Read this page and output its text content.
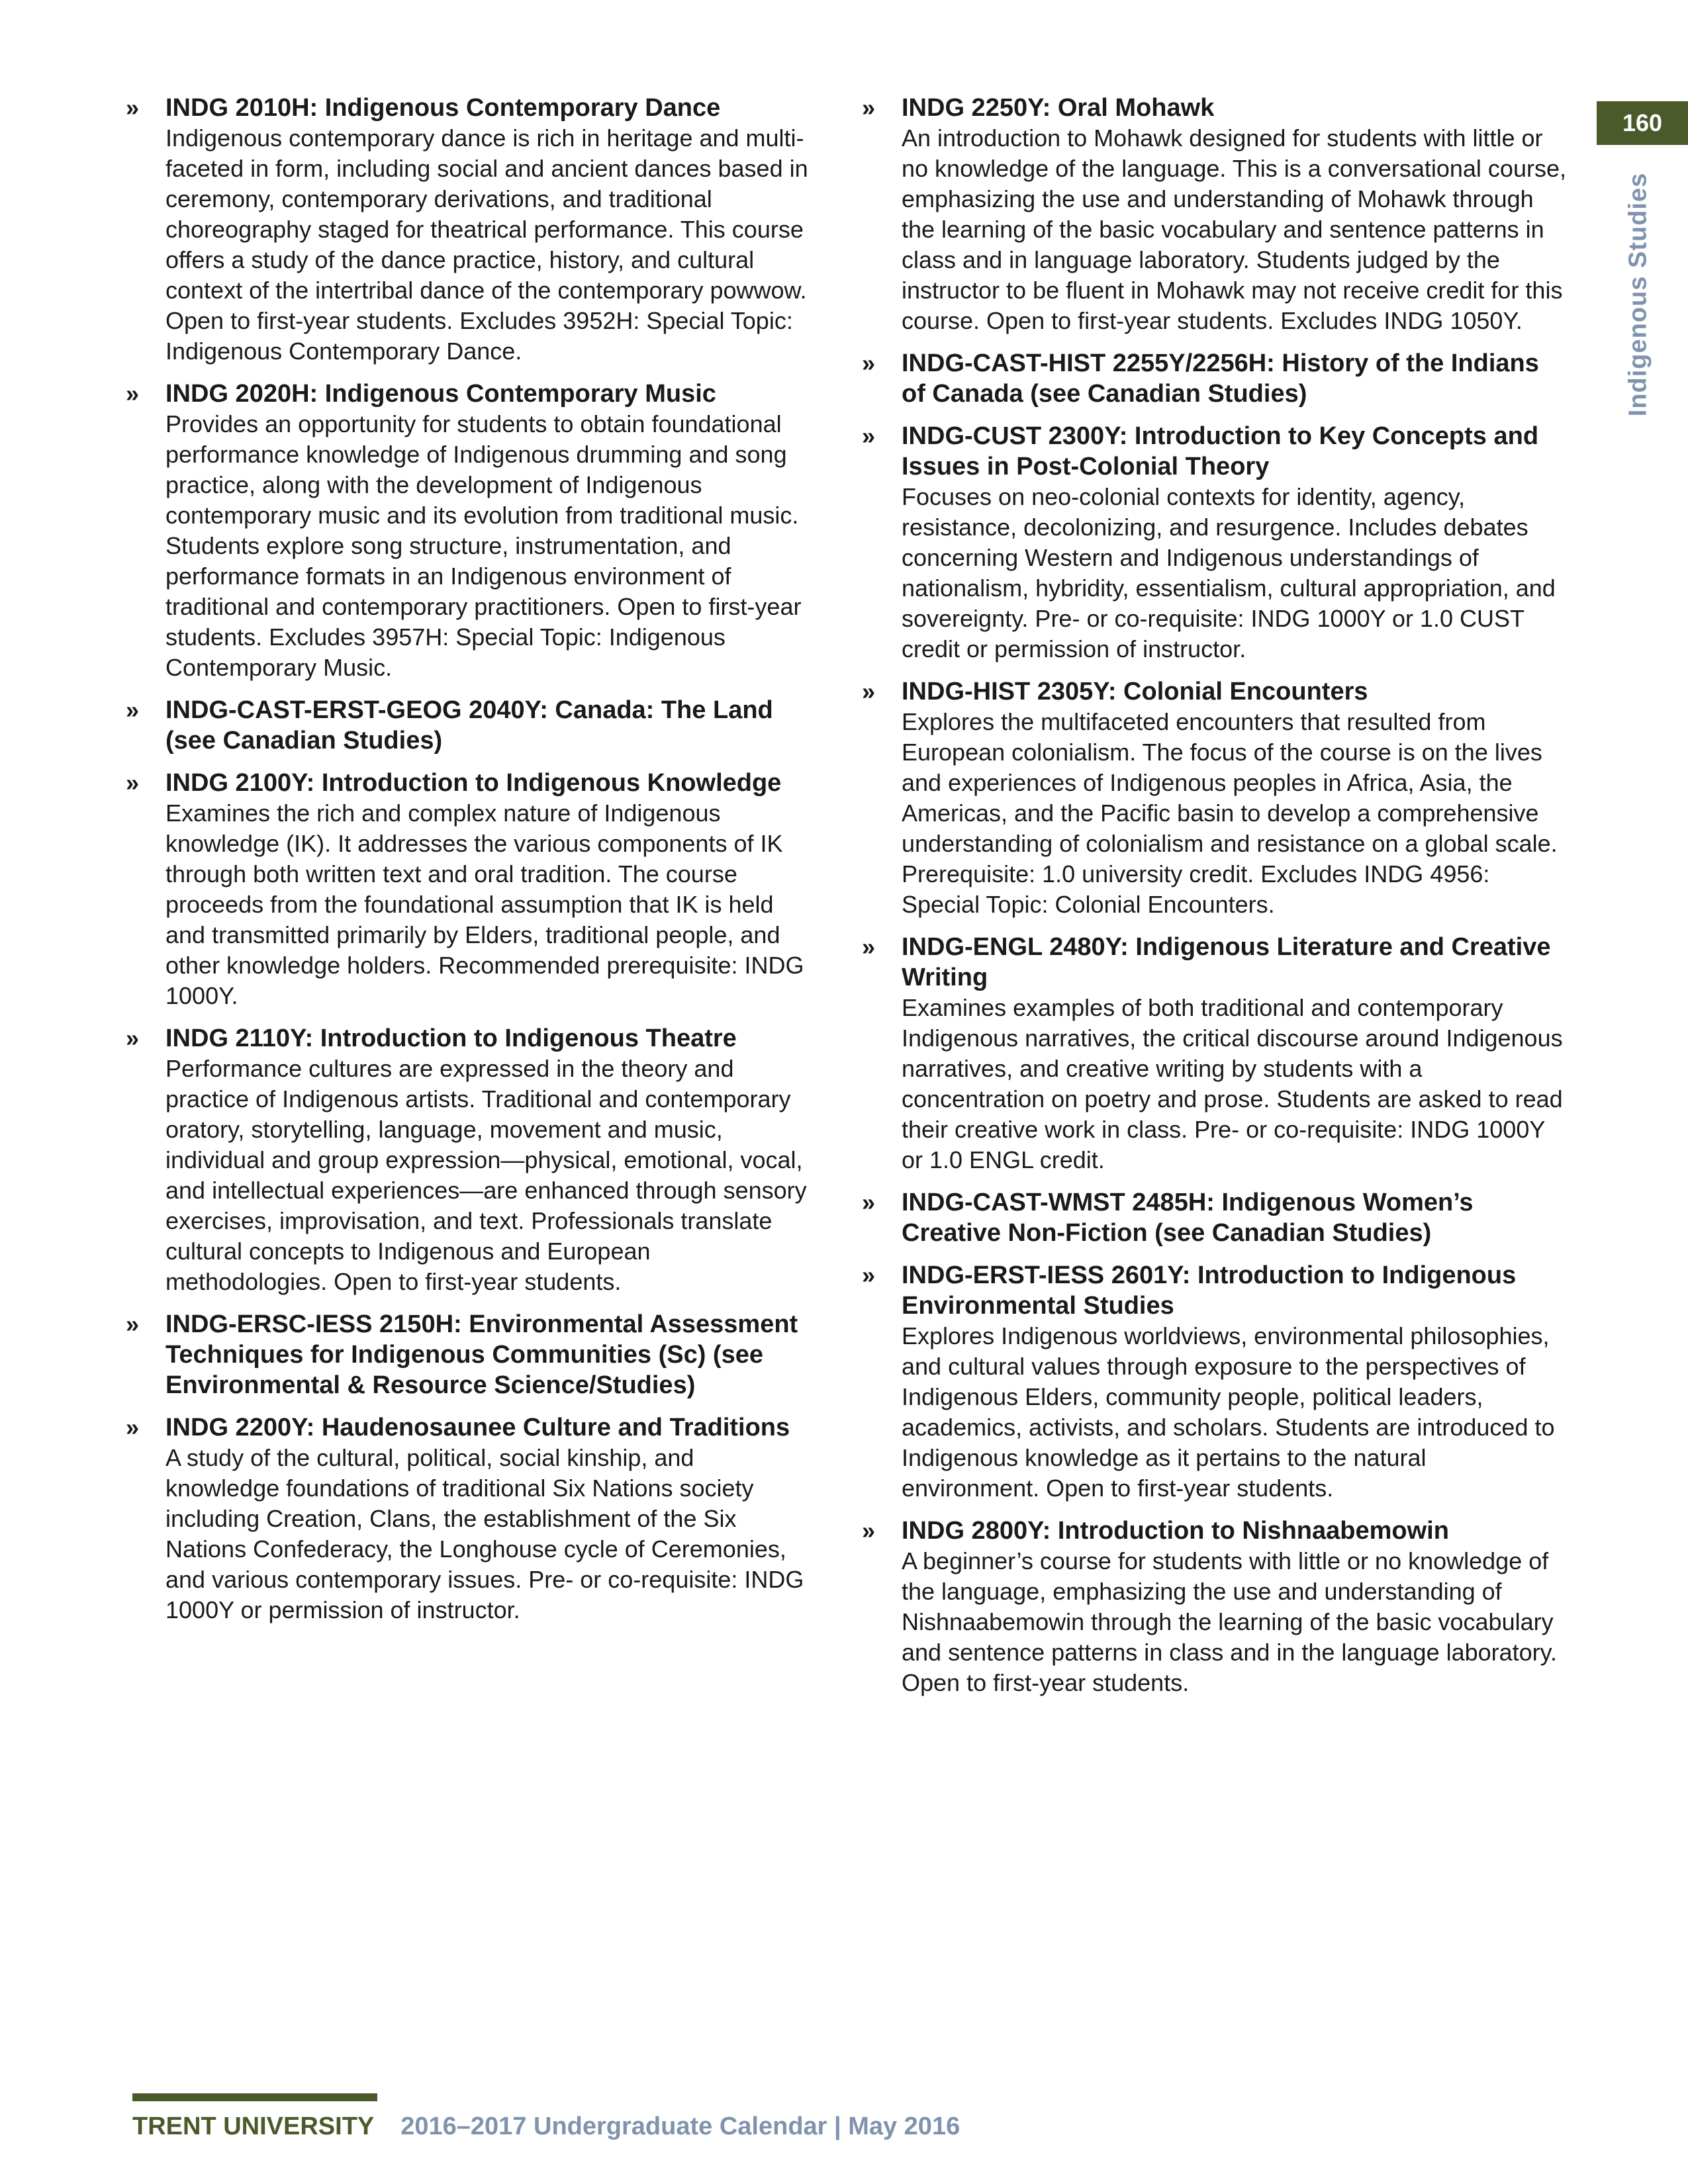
» INDG 2010H: Indigenous Contemporary Dance

Indigenous contemporary dance is rich in heritage and multi-faceted in form, including social and ancient dances based in ceremony, contemporary derivations, and traditional choreography staged for theatrical performance. This course offers a study of the dance practice, history, and cultural context of the intertribal dance of the contemporary powwow. Open to first-year students. Excludes 3952H: Special Topic: Indigenous Contemporary Dance.

» INDG 2020H: Indigenous Contemporary Music

Provides an opportunity for students to obtain foundational performance knowledge of Indigenous drumming and song practice, along with the development of Indigenous contemporary music and its evolution from traditional music. Students explore song structure, instrumentation, and performance formats in an Indigenous environment of traditional and contemporary practitioners. Open to first-year students. Excludes 3957H: Special Topic: Indigenous Contemporary Music.

» INDG-CAST-ERST-GEOG 2040Y: Canada: The Land (see Canadian Studies)

» INDG 2100Y: Introduction to Indigenous Knowledge

Examines the rich and complex nature of Indigenous knowledge (IK). It addresses the various components of IK through both written text and oral tradition. The course proceeds from the foundational assumption that IK is held and transmitted primarily by Elders, traditional people, and other knowledge holders. Recommended prerequisite: INDG 1000Y.

» INDG 2110Y: Introduction to Indigenous Theatre

Performance cultures are expressed in the theory and practice of Indigenous artists. Traditional and contemporary oratory, storytelling, language, movement and music, individual and group expression—physical, emotional, vocal, and intellectual experiences—are enhanced through sensory exercises, improvisation, and text. Professionals translate cultural concepts to Indigenous and European methodologies. Open to first-year students.

» INDG-ERSC-IESS 2150H: Environmental Assessment Techniques for Indigenous Communities (Sc) (see Environmental & Resource Science/Studies)

» INDG 2200Y: Haudenosaunee Culture and Traditions

A study of the cultural, political, social kinship, and knowledge foundations of traditional Six Nations society including Creation, Clans, the establishment of the Six Nations Confederacy, the Longhouse cycle of Ceremonies, and various contemporary issues. Pre- or co-requisite: INDG 1000Y or permission of instructor.

» INDG 2250Y: Oral Mohawk

An introduction to Mohawk designed for students with little or no knowledge of the language. This is a conversational course, emphasizing the use and understanding of Mohawk through the learning of the basic vocabulary and sentence patterns in class and in language laboratory. Students judged by the instructor to be fluent in Mohawk may not receive credit for this course. Open to first-year students. Excludes INDG 1050Y.

» INDG-CAST-HIST 2255Y/2256H: History of the Indians of Canada (see Canadian Studies)

» INDG-CUST 2300Y: Introduction to Key Concepts and Issues in Post-Colonial Theory

Focuses on neo-colonial contexts for identity, agency, resistance, decolonizing, and resurgence. Includes debates concerning Western and Indigenous understandings of nationalism, hybridity, essentialism, cultural appropriation, and sovereignty. Pre- or co-requisite: INDG 1000Y or 1.0 CUST credit or permission of instructor.

» INDG-HIST 2305Y: Colonial Encounters

Explores the multifaceted encounters that resulted from European colonialism. The focus of the course is on the lives and experiences of Indigenous peoples in Africa, Asia, the Americas, and the Pacific basin to develop a comprehensive understanding of colonialism and resistance on a global scale. Prerequisite: 1.0 university credit. Excludes INDG 4956: Special Topic: Colonial Encounters.

» INDG-ENGL 2480Y: Indigenous Literature and Creative Writing

Examines examples of both traditional and contemporary Indigenous narratives, the critical discourse around Indigenous narratives, and creative writing by students with a concentration on poetry and prose. Students are asked to read their creative work in class. Pre- or co-requisite: INDG 1000Y or 1.0 ENGL credit.

» INDG-CAST-WMST 2485H: Indigenous Women’s Creative Non-Fiction (see Canadian Studies)

» INDG-ERST-IESS 2601Y: Introduction to Indigenous Environmental Studies

Explores Indigenous worldviews, environmental philosophies, and cultural values through exposure to the perspectives of Indigenous Elders, community people, political leaders, academics, activists, and scholars. Students are introduced to Indigenous knowledge as it pertains to the natural environment. Open to first-year students.

» INDG 2800Y: Introduction to Nishnaabemowin

A beginner’s course for students with little or no knowledge of the language, emphasizing the use and understanding of Nishnaabemowin through the learning of the basic vocabulary and sentence patterns in class and in the language laboratory. Open to first-year students.

160
Indigenous Studies
TRENT UNIVERSITY 2016–2017 Undergraduate Calendar | May 2016
